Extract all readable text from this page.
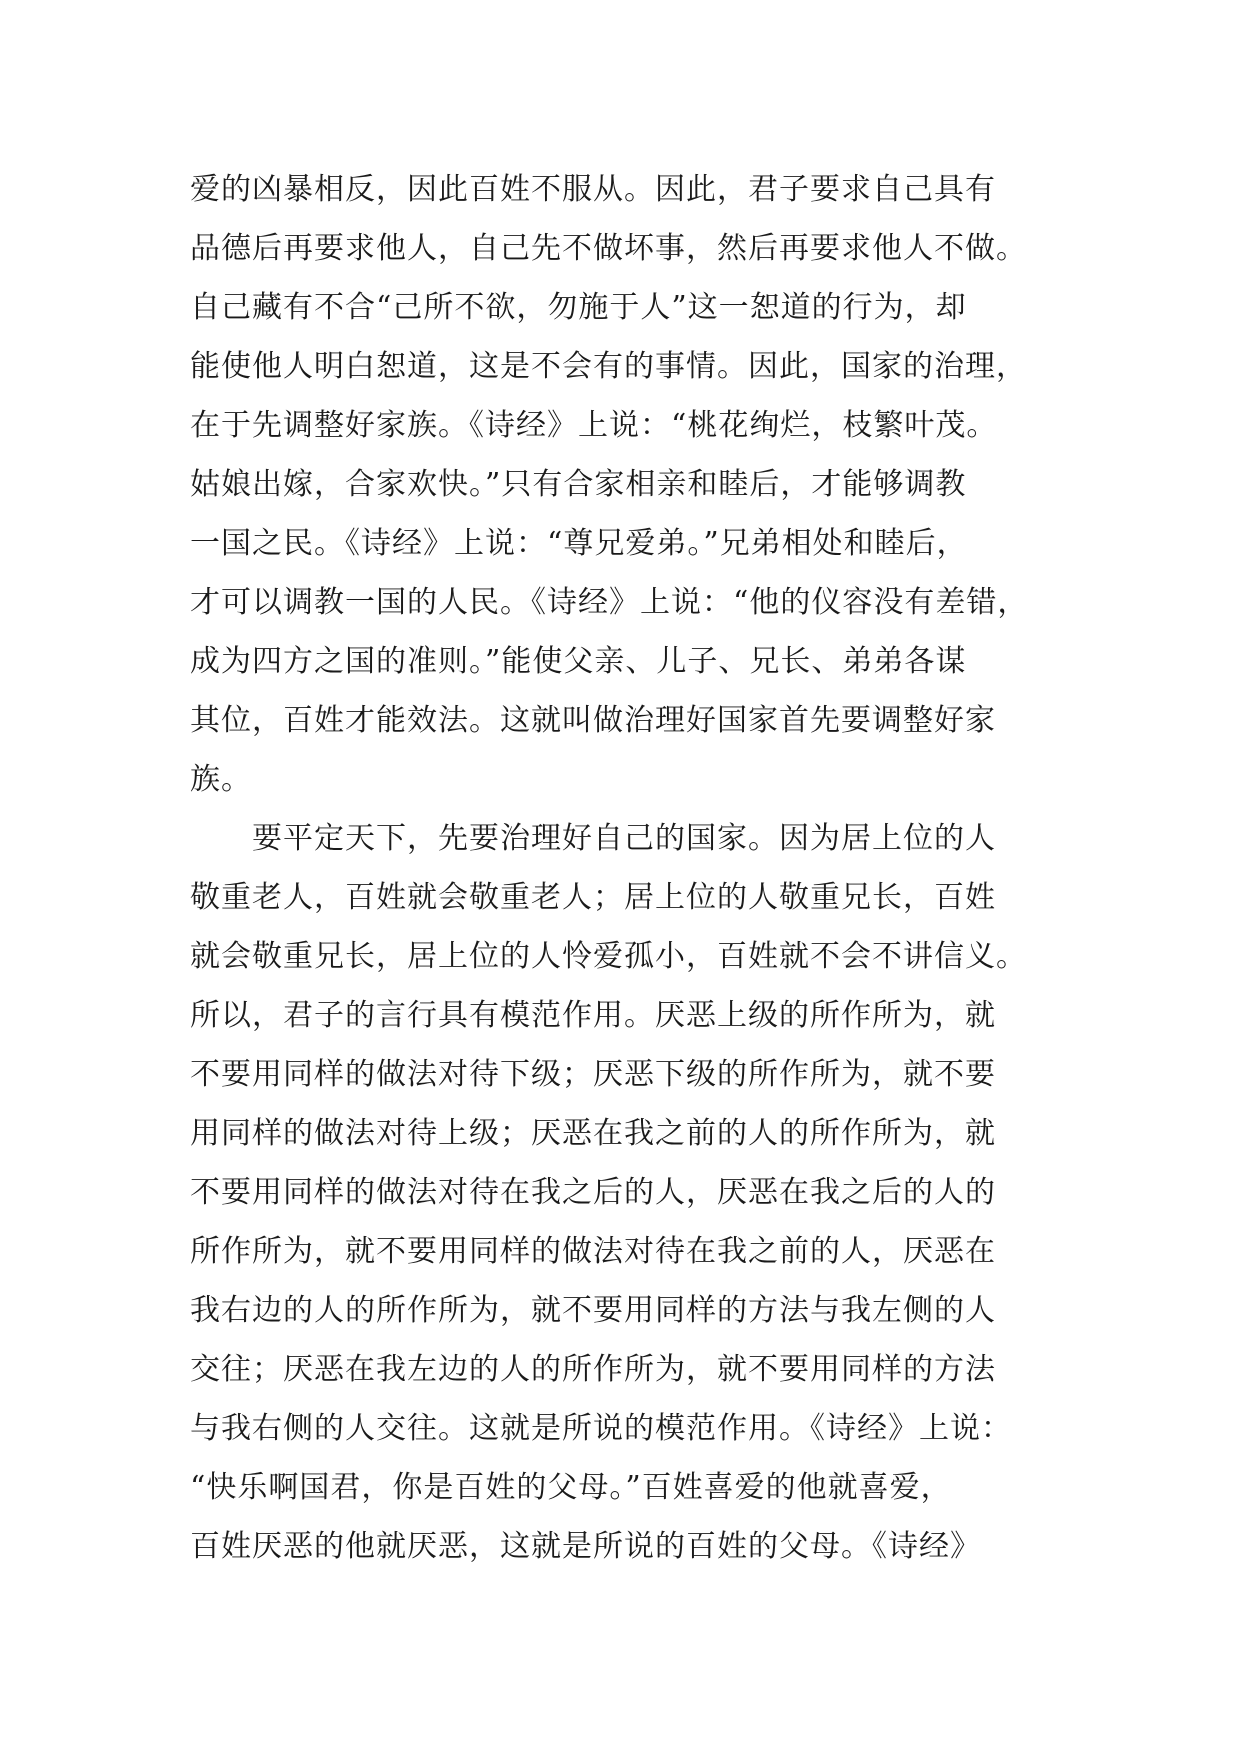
爱的凶暴相反，因此百姓不服从。因此，君子要求自己具有
品德后再要求他人，自己先不做坏事，然后再要求他人不做。
自己藏有不合“己所不欲，勿施于人”这一恕道的行为，却
能使他人明白恕道，这是不会有的事情。因此，国家的治理，
在于先调整好家族。《诗经》上说：“桃花绚烂，枝繁叶茂。
姑娘出嫁，合家欢快。”只有合家相亲和睦后，才能够调教
一国之民。《诗经》上说：“尊兄爱弟。”兄弟相处和睦后，
才可以调教一国的人民。《诗经》上说：“他的仪容没有差错，
成为四方之国的准则。”能使父亲、儿子、兄长、弟弟各谋
其位，百姓才能效法。这就叫做治理好国家首先要调整好家
族。
要平定天下，先要治理好自己的国家。因为居上位的人
敬重老人，百姓就会敬重老人；居上位的人敬重兄长，百姓
就会敬重兄长，居上位的人怜爱孤小，百姓就不会不讲信义。
所以，君子的言行具有模范作用。厌恶上级的所作所为，就
不要用同样的做法对待下级；厌恶下级的所作所为，就不要
用同样的做法对待上级；厌恶在我之前的人的所作所为，就
不要用同样的做法对待在我之后的人，厌恶在我之后的人的
所作所为，就不要用同样的做法对待在我之前的人，厌恶在
我右边的人的所作所为，就不要用同样的方法与我左侧的人
交往；厌恶在我左边的人的所作所为，就不要用同样的方法
与我右侧的人交往。这就是所说的模范作用。《诗经》上说：
“快乐啊国君，你是百姓的父母。”百姓喜爱的他就喜爱，
百姓厌恶的他就厌恶，这就是所说的百姓的父母。《诗经》
